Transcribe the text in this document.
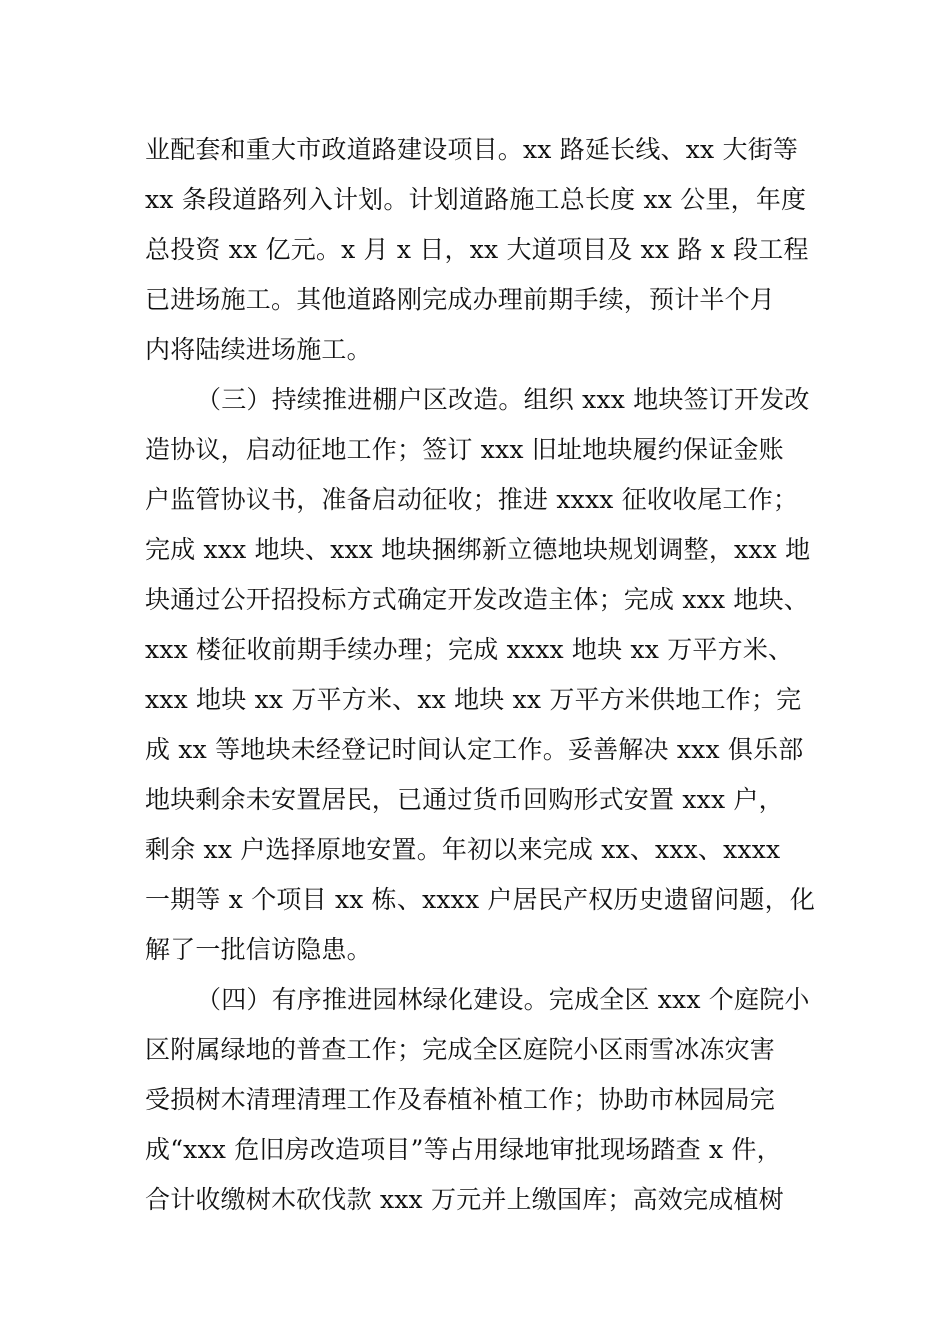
业配套和重大市政道路建设项目。xx 路延长线、xx 大街等
xx 条段道路列入计划。计划道路施工总长度 xx 公里，年度
总投资 xx 亿元。x 月 x 日，xx 大道项目及 xx 路 x 段工程
已进场施工。其他道路刚完成办理前期手续，预计半个月
内将陆续进场施工。
（三）持续推进棚户区改造。组织 xxx 地块签订开发改
造协议，启动征地工作；签订 xxx 旧址地块履约保证金账
户监管协议书，准备启动征收；推进 xxxx 征收收尾工作；
完成 xxx 地块、xxx 地块捆绑新立德地块规划调整，xxx 地
块通过公开招投标方式确定开发改造主体；完成 xxx 地块、
xxx 楼征收前期手续办理；完成 xxxx 地块 xx 万平方米、
xxx 地块 xx 万平方米、xx 地块 xx 万平方米供地工作；完
成 xx 等地块未经登记时间认定工作。妥善解决 xxx 俱乐部
地块剩余未安置居民，已通过货币回购形式安置 xxx 户，
剩余 xx 户选择原地安置。年初以来完成 xx、xxx、xxxx
一期等 x 个项目 xx 栋、xxxx 户居民产权历史遗留问题，化
解了一批信访隐患。
（四）有序推进园林绿化建设。完成全区 xxx 个庭院小
区附属绿地的普查工作；完成全区庭院小区雨雪冰冻灾害
受损树木清理清理工作及春植补植工作；协助市林园局完
成“xxx 危旧房改造项目”等占用绿地审批现场踏查 x 件，
合计收缴树木砍伐款 xxx 万元并上缴国库；高效完成植树
